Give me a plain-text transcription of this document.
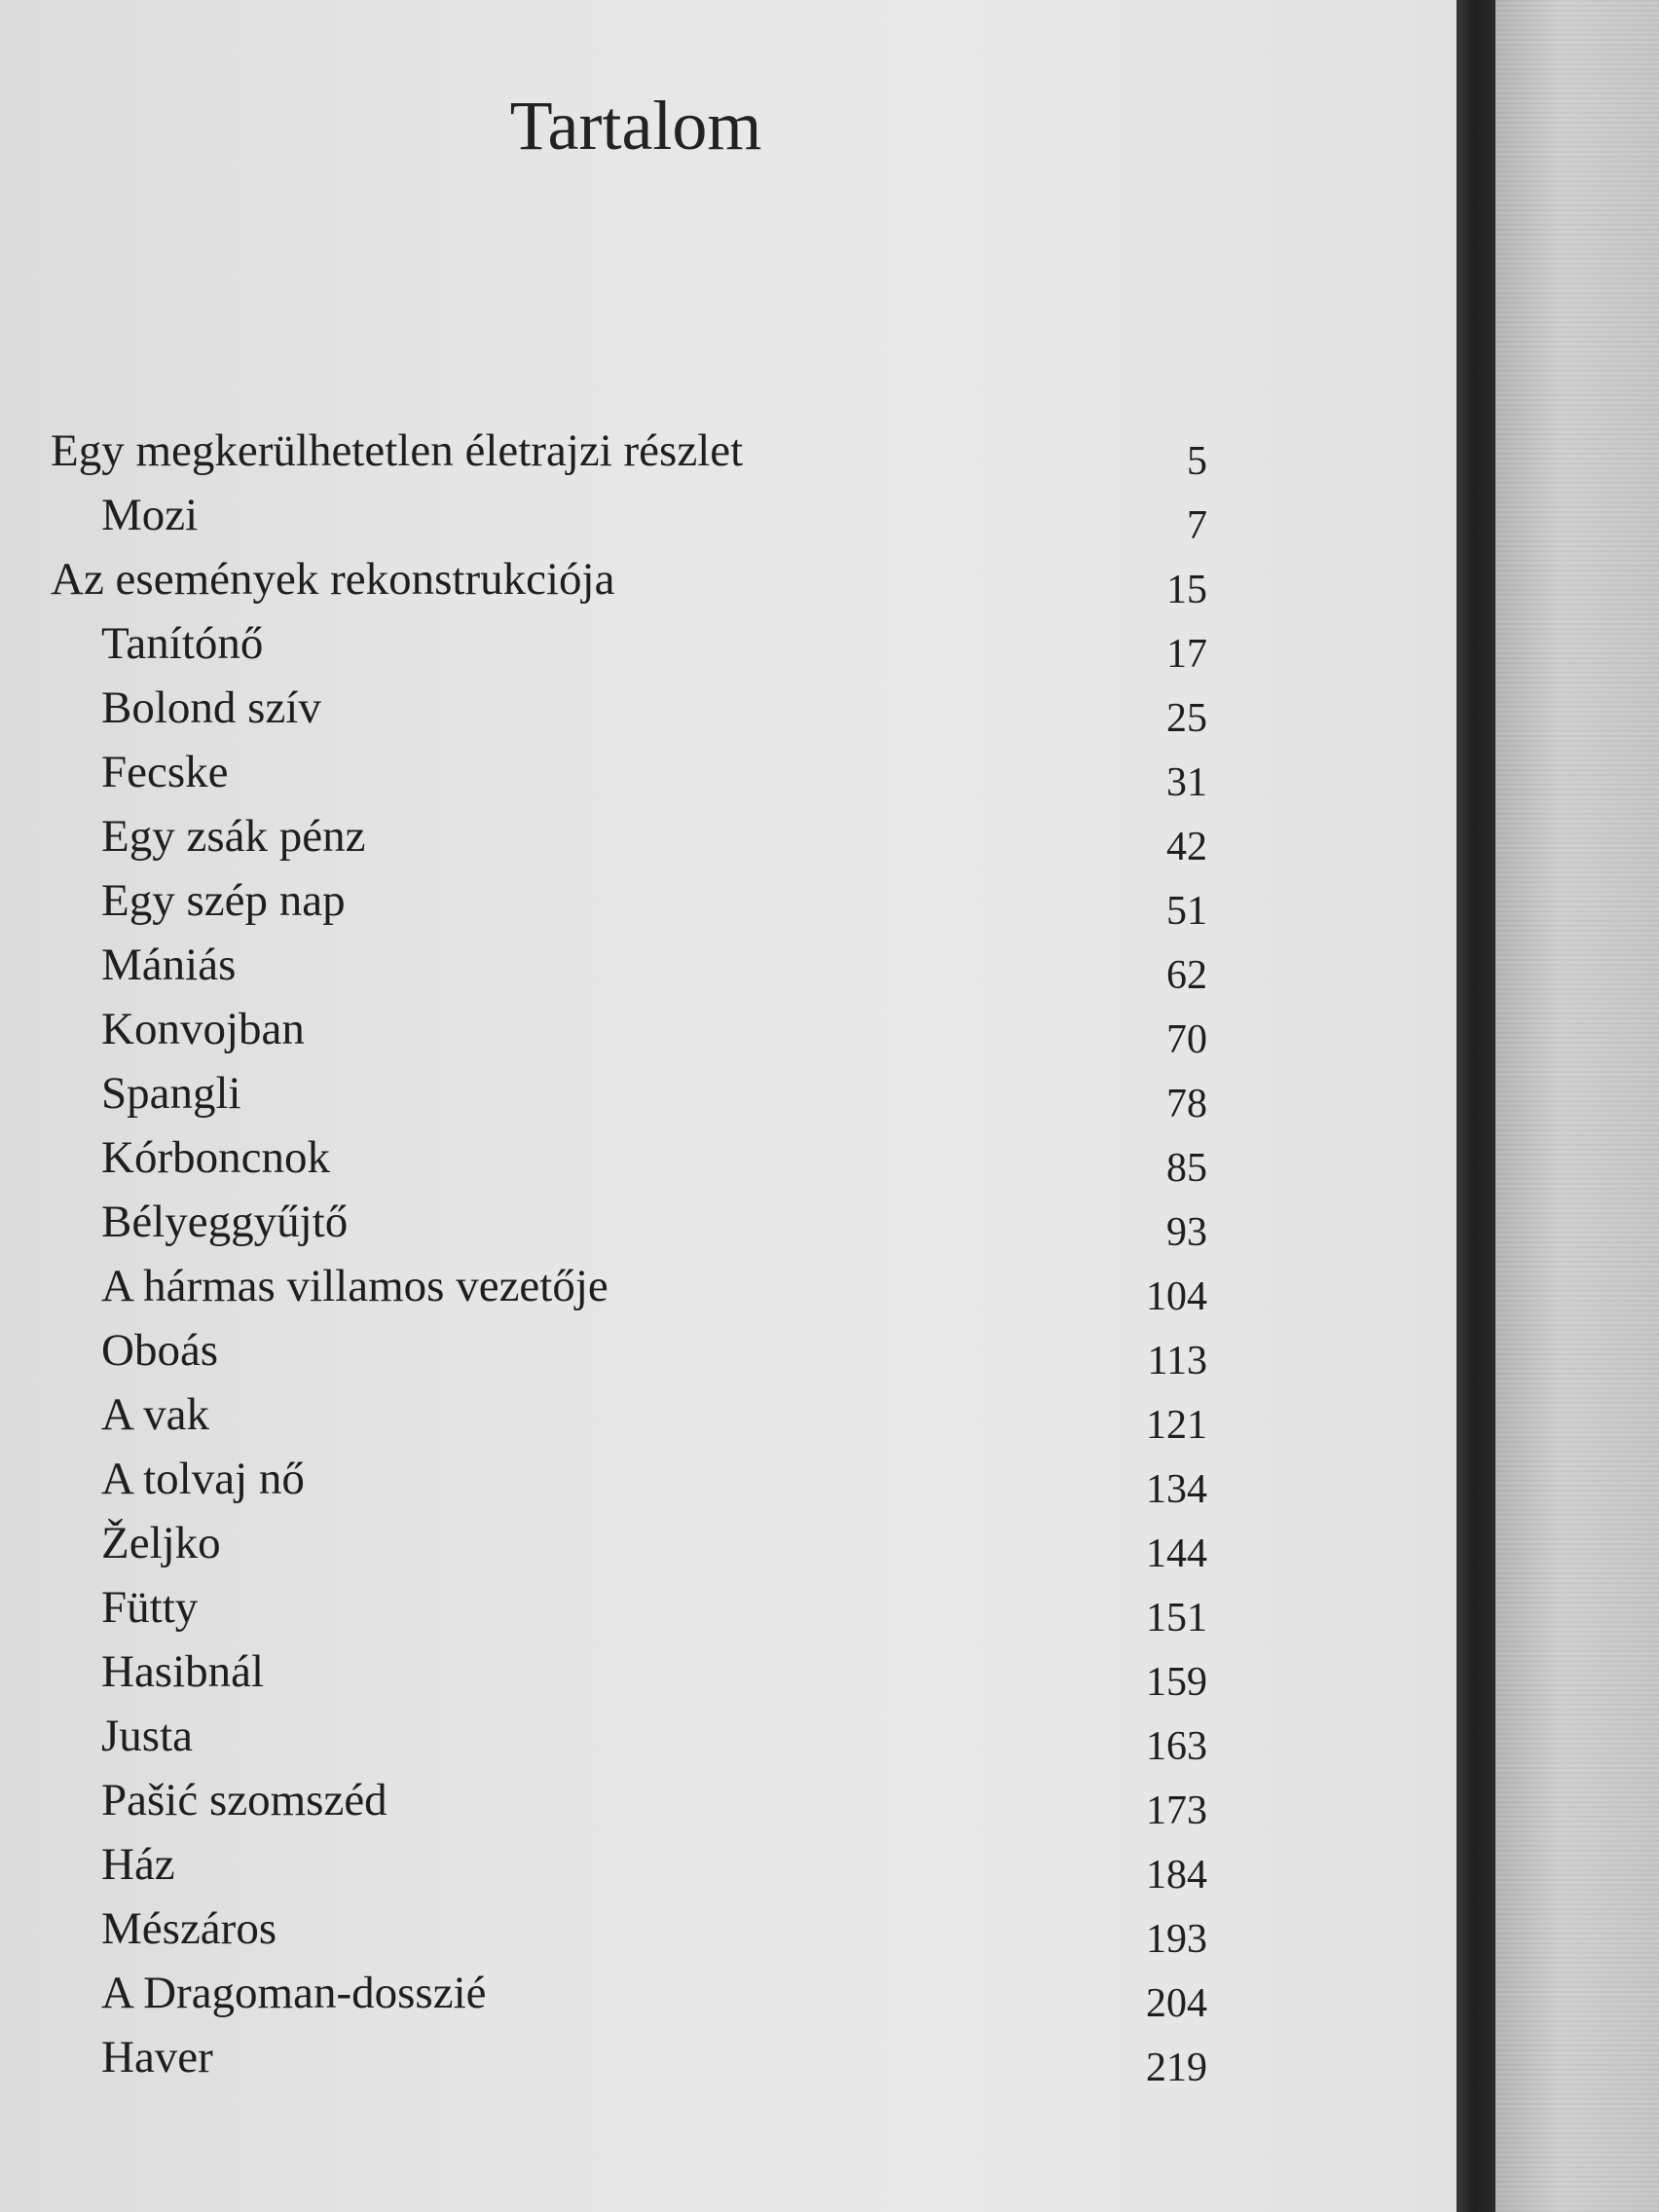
Tartalom
Egy megkerülhetetlen életrajzi részlet	5
Mozi	7
Az események rekonstrukciója	15
Tanítónő	17
Bolond szív	25
Fecske	31
Egy zsák pénz	42
Egy szép nap	51
Mániás	62
Konvojban	70
Spangli	78
Kórboncnok	85
Bélyeggyűjtő	93
A hármas villamos vezetője	104
Oboás	113
A vak	121
A tolvaj nő	134
Željko	144
Fütty	151
Hasibnál	159
Justa	163
Pašić szomszéd	173
Ház	184
Mészáros	193
A Dragoman-dosszié	204
Haver	219
